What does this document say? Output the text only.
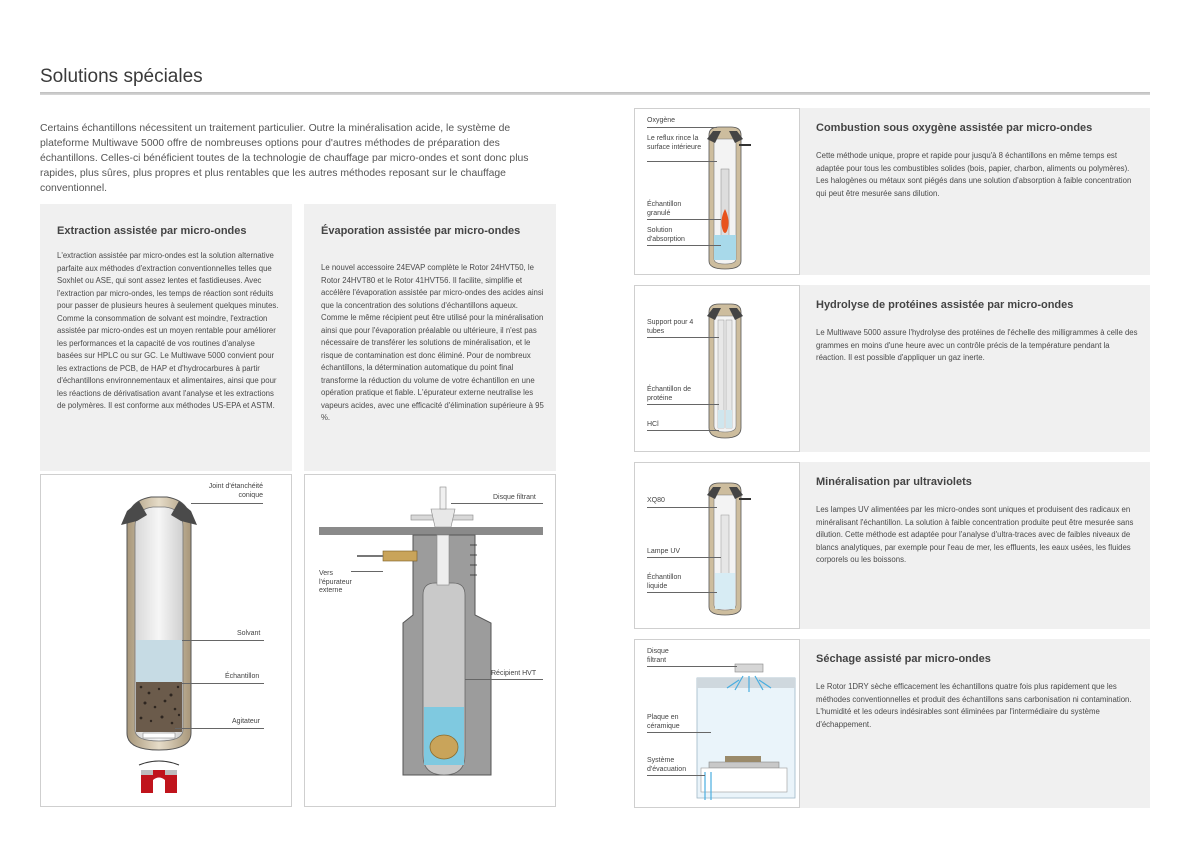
Solutions spéciales

Certains échantillons nécessitent un traitement particulier. Outre la minéralisation acide, le système de plateforme Multiwave 5000 offre de nombreuses options pour d'autres méthodes de préparation des échantillons. Celles-ci bénéficient toutes de la technologie de chauffage par micro-ondes et sont donc plus rapides, plus sûres, plus propres et plus rentables que les autres méthodes reposant sur le chauffage conventionnel.

Extraction assistée par micro-ondes

L'extraction assistée par micro-ondes est la solution alternative parfaite aux méthodes d'extraction conventionnelles telles que Soxhlet ou ASE, qui sont assez lentes et fastidieuses. Avec l'extraction par micro-ondes, les temps de réaction sont réduits pour passer de plusieurs heures à seulement quelques minutes. Comme la consommation de solvant est moindre, l'extraction assistée par micro-ondes est un moyen rentable pour améliorer les performances et la capacité de vos routines d'analyse basées sur HPLC ou sur GC. Le Multiwave 5000 convient pour les extractions de PCB, de HAP et d'hydrocarbures à partir d'échantillons environnementaux et alimentaires, ainsi que pour les réactions de dérivatisation avant l'analyse et les extractions de polymères. Il est conforme aux méthodes US-EPA et ASTM.

Évaporation assistée par micro-ondes

Le nouvel accessoire 24EVAP complète le Rotor 24HVT50, le Rotor 24HVT80 et le Rotor 41HVT56. Il facilite, simplifie et accélère l'évaporation assistée par micro-ondes des acides ainsi que la concentration des solutions d'échantillons aqueux. Comme le même récipient peut être utilisé pour la minéralisation ainsi que pour l'évaporation préalable ou ultérieure, il n'est pas nécessaire de transférer les solutions de minéralisation, et le risque de contamination est donc éliminé. Pour de nombreux échantillons, la détermination automatique du point final transforme la réduction du volume de votre échantillon en une opération pratique et fiable. L'épurateur externe neutralise les vapeurs acides, avec une efficacité d'élimination supérieure à 95 %.

Joint d'étanchéité conique
Solvant
Échantillon
Agitateur
Disque filtrant
Vers l'épurateur externe
Récipient HVT
Oxygène
Le reflux rince la surface intérieure
Échantillon granulé
Solution d'absorption
Combustion sous oxygène assistée par micro-ondes

Cette méthode unique, propre et rapide pour jusqu'à 8 échantillons en même temps est adaptée pour tous les combustibles solides (bois, papier, charbon, aliments ou polymères). Les halogènes ou métaux sont piégés dans une solution d'absorption à faible concentration qui peut être mesurée sans dilution.

Support pour 4 tubes
Échantillon de protéine
HCl
Hydrolyse de protéines assistée par micro-ondes

Le Multiwave 5000 assure l'hydrolyse des protéines de l'échelle des milligrammes à celle des grammes en moins d'une heure avec un contrôle précis de la température pendant la réaction. Il est possible d'appliquer un gaz inerte.

XQ80
Lampe UV
Échantillon liquide
Minéralisation par ultraviolets

Les lampes UV alimentées par les micro-ondes sont uniques et produisent des radicaux en minéralisant l'échantillon. La solution à faible concentration produite peut être mesurée sans dilution. Cette méthode est adaptée pour l'analyse d'ultra-traces avec de faibles niveaux de blancs analytiques, par exemple pour l'eau de mer, les effluents, les eaux usées, les fluides corporels ou les boissons.

Disque filtrant
Plaque en céramique
Système d'évacuation
Séchage assisté par micro-ondes

Le Rotor 1DRY sèche efficacement les échantillons quatre fois plus rapidement que les méthodes conventionnelles et produit des échantillons sans carbonisation ni contamination. L'humidité et les odeurs indésirables sont éliminées par l'intermédiaire du système d'échappement.
